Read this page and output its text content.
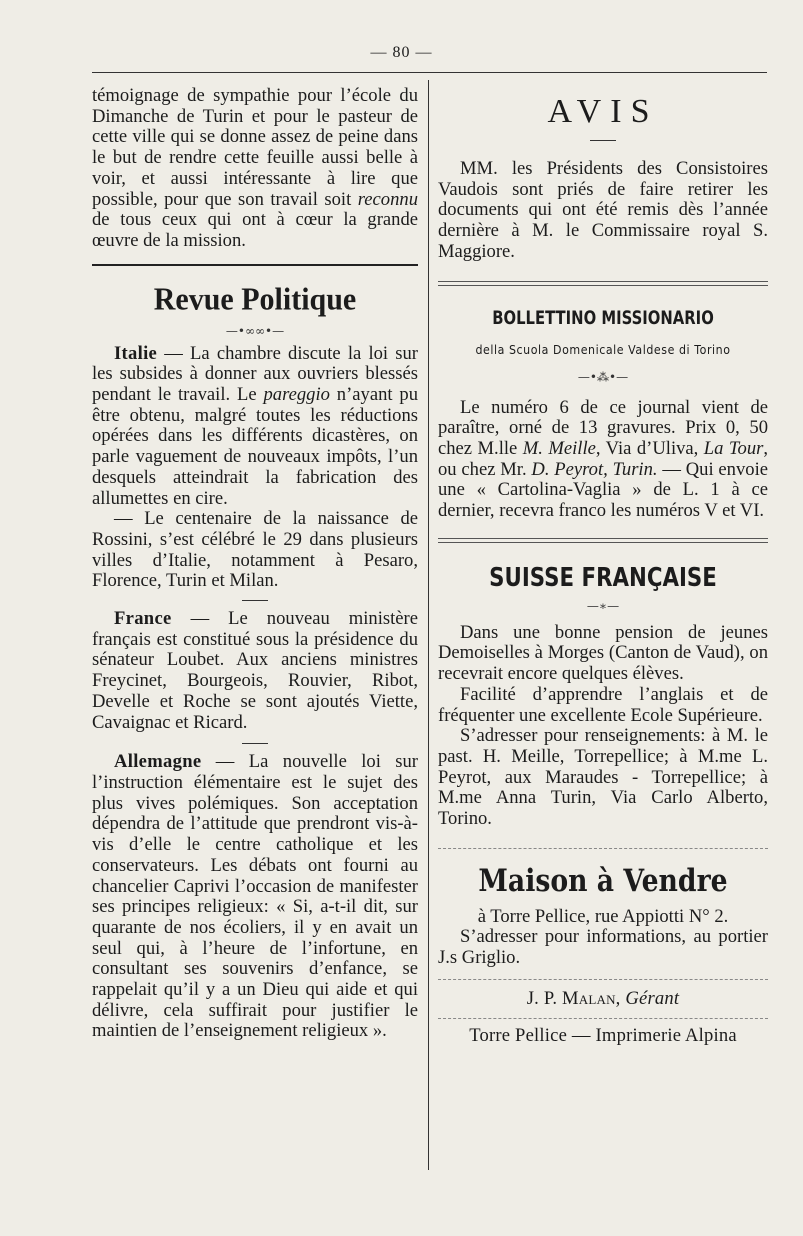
— 80 —

témoignage de sympathie pour l’école du Dimanche de Turin et pour le pasteur de cette ville qui se donne assez de peine dans le but de rendre cette feuille aussi belle à voir, et aussi intéressante à lire que possible, pour que son travail soit reconnu de tous ceux qui ont à cœur la grande œuvre de la mission.

Revue Politique
—•∞∞•—

Italie — La chambre discute la loi sur les subsides à donner aux ouvriers blessés pendant le travail. Le pareggio n’ayant pu être obtenu, malgré toutes les réductions opérées dans les différents dicastères, on parle vaguement de nouveaux impôts, l’un desquels atteindrait la fabrication des allumettes en cire.

— Le centenaire de la naissance de Rossini, s’est célébré le 29 dans plusieurs villes d’Italie, notamment à Pesaro, Florence, Turin et Milan.

France — Le nouveau ministère français est constitué sous la présidence du sénateur Loubet. Aux anciens ministres Freycinet, Bourgeois, Rouvier, Ribot, Develle et Roche se sont ajoutés Viette, Cavaignac et Ricard.

Allemagne — La nouvelle loi sur l’instruction élémentaire est le sujet des plus vives polémiques. Son acceptation dépendra de l’attitude que prendront vis-à-vis d’elle le centre catholique et les conservateurs. Les débats ont fourni au chancelier Caprivi l’occasion de manifester ses principes religieux: « Si, a-t-il dit, sur quarante de nos écoliers, il y en avait un seul qui, à l’heure de l’infortune, en consultant ses souvenirs d’enfance, se rappelait qu’il y a un Dieu qui aide et qui délivre, cela suffirait pour justifier le maintien de l’enseignement religieux ».

AVIS

MM. les Présidents des Consistoires Vaudois sont priés de faire retirer les documents qui ont été remis dès l’année dernière à M. le Commissaire royal S. Maggiore.

BOLLETTINO MISSIONARIO
della Scuola Domenicale Valdese di Torino
—•⁂•—

Le numéro 6 de ce journal vient de paraître, orné de 13 gravures. Prix 0, 50 chez M.lle M. Meille, Via d’Uliva, La Tour, ou chez Mr. D. Peyrot, Turin. — Qui envoie une « Cartolina-Vaglia » de L. 1 à ce dernier, recevra franco les numéros V et VI.

SUISSE FRANÇAISE
—∗—

Dans une bonne pension de jeunes Demoiselles à Morges (Canton de Vaud), on recevrait encore quelques élèves.

Facilité d’apprendre l’anglais et de fréquenter une excellente Ecole Supérieure.

S’adresser pour renseignements: à M. le past. H. Meille, Torrepellice; à M.me L. Peyrot, aux Maraudes - Torrepellice; à M.me Anna Turin, Via Carlo Alberto, Torino.

Maison à Vendre

à Torre Pellice, rue Appiotti N° 2.

S’adresser pour informations, au portier J.s Griglio.

J. P. Malan, Gérant
Torre Pellice — Imprimerie Alpina
